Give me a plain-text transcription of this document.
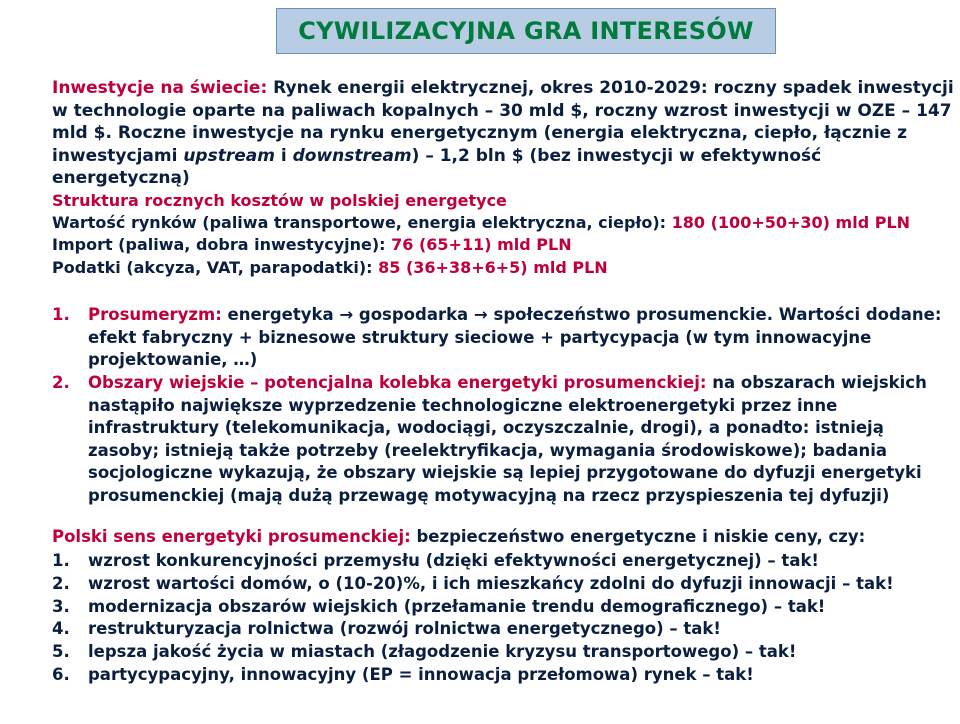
CYWILIZACYJNA GRA INTERESÓW
Inwestycje na świecie: Rynek energii elektrycznej, okres 2010-2029: roczny spadek inwestycji w technologie oparte na paliwach kopalnych – 30 mld $, roczny wzrost inwestycji w OZE – 147 mld $. Roczne inwestycje na rynku energetycznym (energia elektryczna, ciepło, łącznie z inwestycjami upstream i downstream) – 1,2 bln $ (bez inwestycji w efektywność energetyczną)
Struktura rocznych kosztów w polskiej energetyce
Wartość rynków (paliwa transportowe, energia elektryczna, ciepło): 180 (100+50+30) mld PLN
Import (paliwa, dobra inwestycyjne): 76 (65+11) mld PLN
Podatki (akcyza, VAT, parapodatki): 85 (36+38+6+5) mld PLN
1.	Prosumeryzm: energetyka → gospodarka → społeczeństwo prosumenckie. Wartości dodane: efekt fabryczny + biznesowe struktury sieciowe + partycypacja (w tym innowacyjne projektowanie, …)
2.	Obszary wiejskie – potencjalna kolebka energetyki prosumenckiej: na obszarach wiejskich nastąpiło największe wyprzedzenie technologiczne elektroenergetyki przez inne infrastruktury (telekomunikacja, wodociągi, oczyszczalnie, drogi), a ponadto: istnieją zasoby; istnieją także potrzeby (reelektryfikacja, wymagania środowiskowe); badania socjologiczne wykazują, że obszary wiejskie są lepiej przygotowane do dyfuzji energetyki prosumenckiej (mają dużą przewagę motywacyjną na rzecz przyspieszenia tej dyfuzji)
Polski sens energetyki prosumenckiej: bezpieczeństwo energetyczne i niskie ceny, czy:
1.	wzrost konkurencyjności przemysłu (dzięki efektywności energetycznej) – tak!
2.	wzrost wartości domów, o (10-20)%, i ich mieszkańcy zdolni do dyfuzji innowacji – tak!
3.	modernizacja obszarów wiejskich (przełamanie trendu demograficznego) – tak!
4.	restrukturyzacja rolnictwa (rozwój rolnictwa energetycznego) – tak!
5.	lepsza jakość życia w miastach (złagodzenie kryzysu transportowego) – tak!
6.	partycypacyjny, innowacyjny (EP = innowacja przełomowa) rynek – tak!
